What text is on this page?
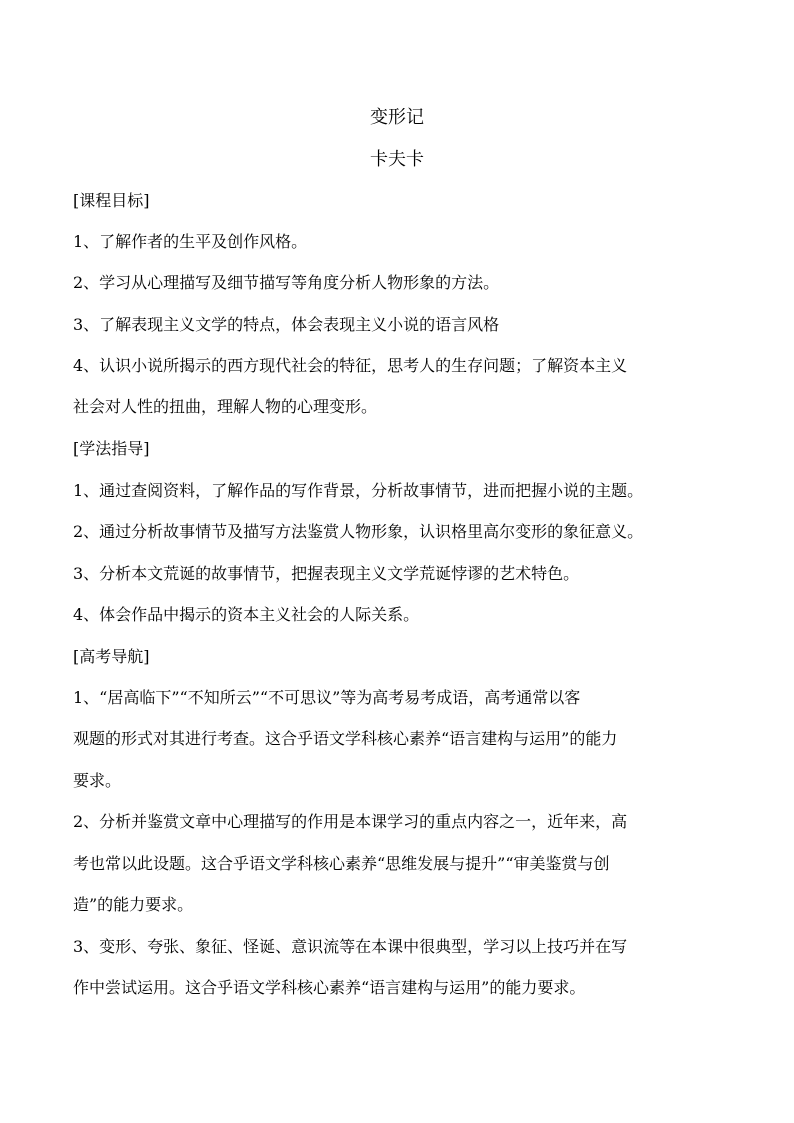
变形记
卡夫卡
[课程目标]
1、了解作者的生平及创作风格。
2、学习从心理描写及细节描写等角度分析人物形象的方法。
3、了解表现主义文学的特点，体会表现主义小说的语言风格
4、认识小说所揭示的西方现代社会的特征，思考人的生存问题；了解资本主义
社会对人性的扭曲，理解人物的心理变形。
[学法指导]
1、通过查阅资料，了解作品的写作背景，分析故事情节，进而把握小说的主题。
2、通过分析故事情节及描写方法鉴赏人物形象，认识格里高尔变形的象征意义。
3、分析本文荒诞的故事情节，把握表现主义文学荒诞悖谬的艺术特色。
4、体会作品中揭示的资本主义社会的人际关系。
[高考导航]
1、“居高临下”“不知所云”“不可思议”等为高考易考成语，高考通常以客
观题的形式对其进行考查。这合乎语文学科核心素养“语言建构与运用”的能力
要求。
2、分析并鉴赏文章中心理描写的作用是本课学习的重点内容之一，近年来，高
考也常以此设题。这合乎语文学科核心素养“思维发展与提升”“审美鉴赏与创
造”的能力要求。
3、变形、夸张、象征、怪诞、意识流等在本课中很典型，学习以上技巧并在写
作中尝试运用。这合乎语文学科核心素养“语言建构与运用”的能力要求。
